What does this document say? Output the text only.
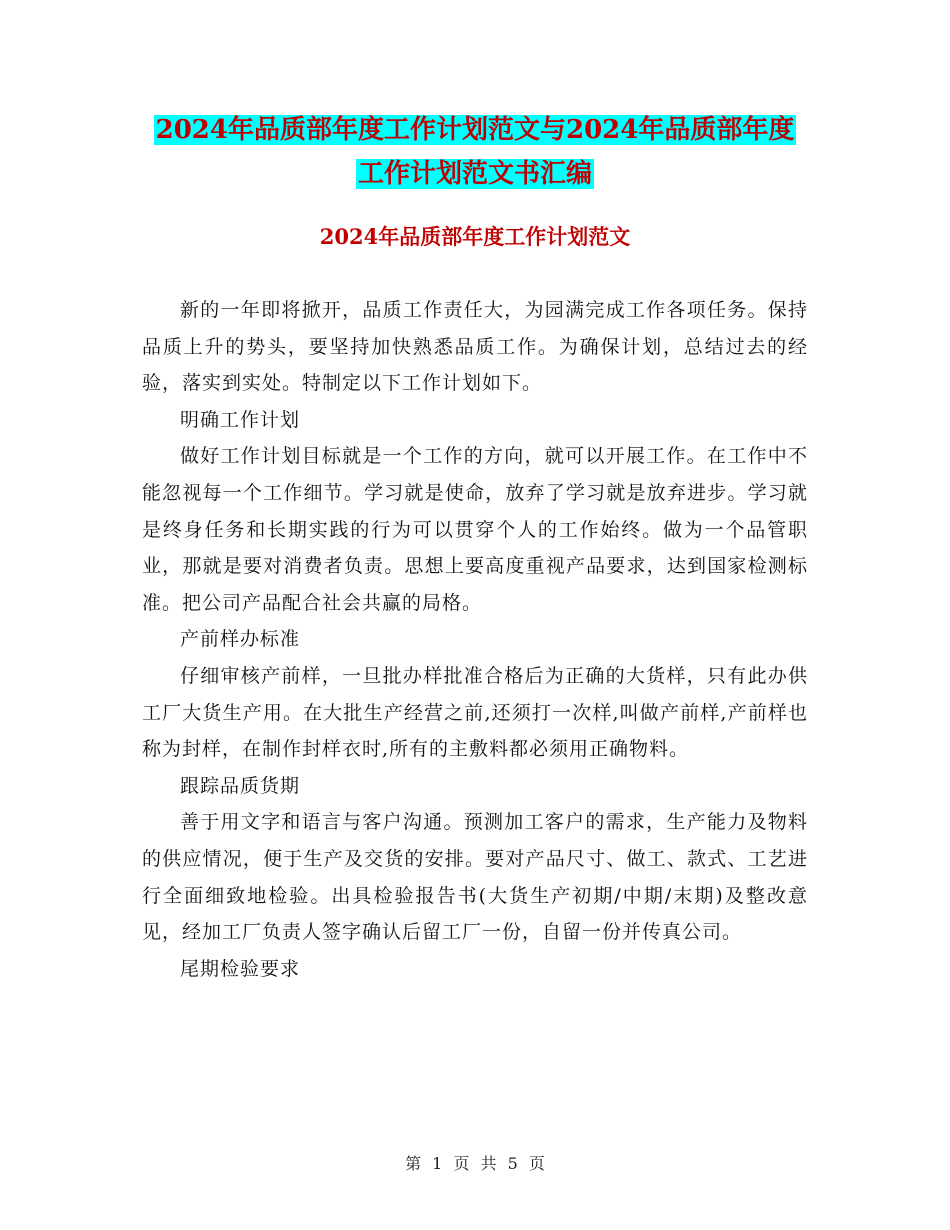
2024年品质部年度工作计划范文与2024年品质部年度
工作计划范文书汇编
2024年品质部年度工作计划范文

新的一年即将掀开，品质工作责任大，为园满完成工作各项任务。保持品质上升的势头，要坚持加快熟悉品质工作。为确保计划，总结过去的经验，落实到实处。特制定以下工作计划如下。

明确工作计划

做好工作计划目标就是一个工作的方向，就可以开展工作。在工作中不能忽视每一个工作细节。学习就是使命，放弃了学习就是放弃进步。学习就是终身任务和长期实践的行为可以贯穿个人的工作始终。做为一个品管职业，那就是要对消费者负责。思想上要高度重视产品要求，达到国家检测标准。把公司产品配合社会共赢的局格。

产前样办标准

仔细审核产前样，一旦批办样批准合格后为正确的大货样，只有此办供工厂大货生产用。在大批生产经营之前,还须打一次样,叫做产前样,产前样也称为封样，在制作封样衣时,所有的主敷料都必须用正确物料。

跟踪品质货期

善于用文字和语言与客户沟通。预测加工客户的需求，生产能力及物料的供应情况，便于生产及交货的安排。要对产品尺寸、做工、款式、工艺进行全面细致地检验。出具检验报告书(大货生产初期/中期/末期)及整改意见，经加工厂负责人签字确认后留工厂一份，自留一份并传真公司。

尾期检验要求

第 1 页 共 5 页
